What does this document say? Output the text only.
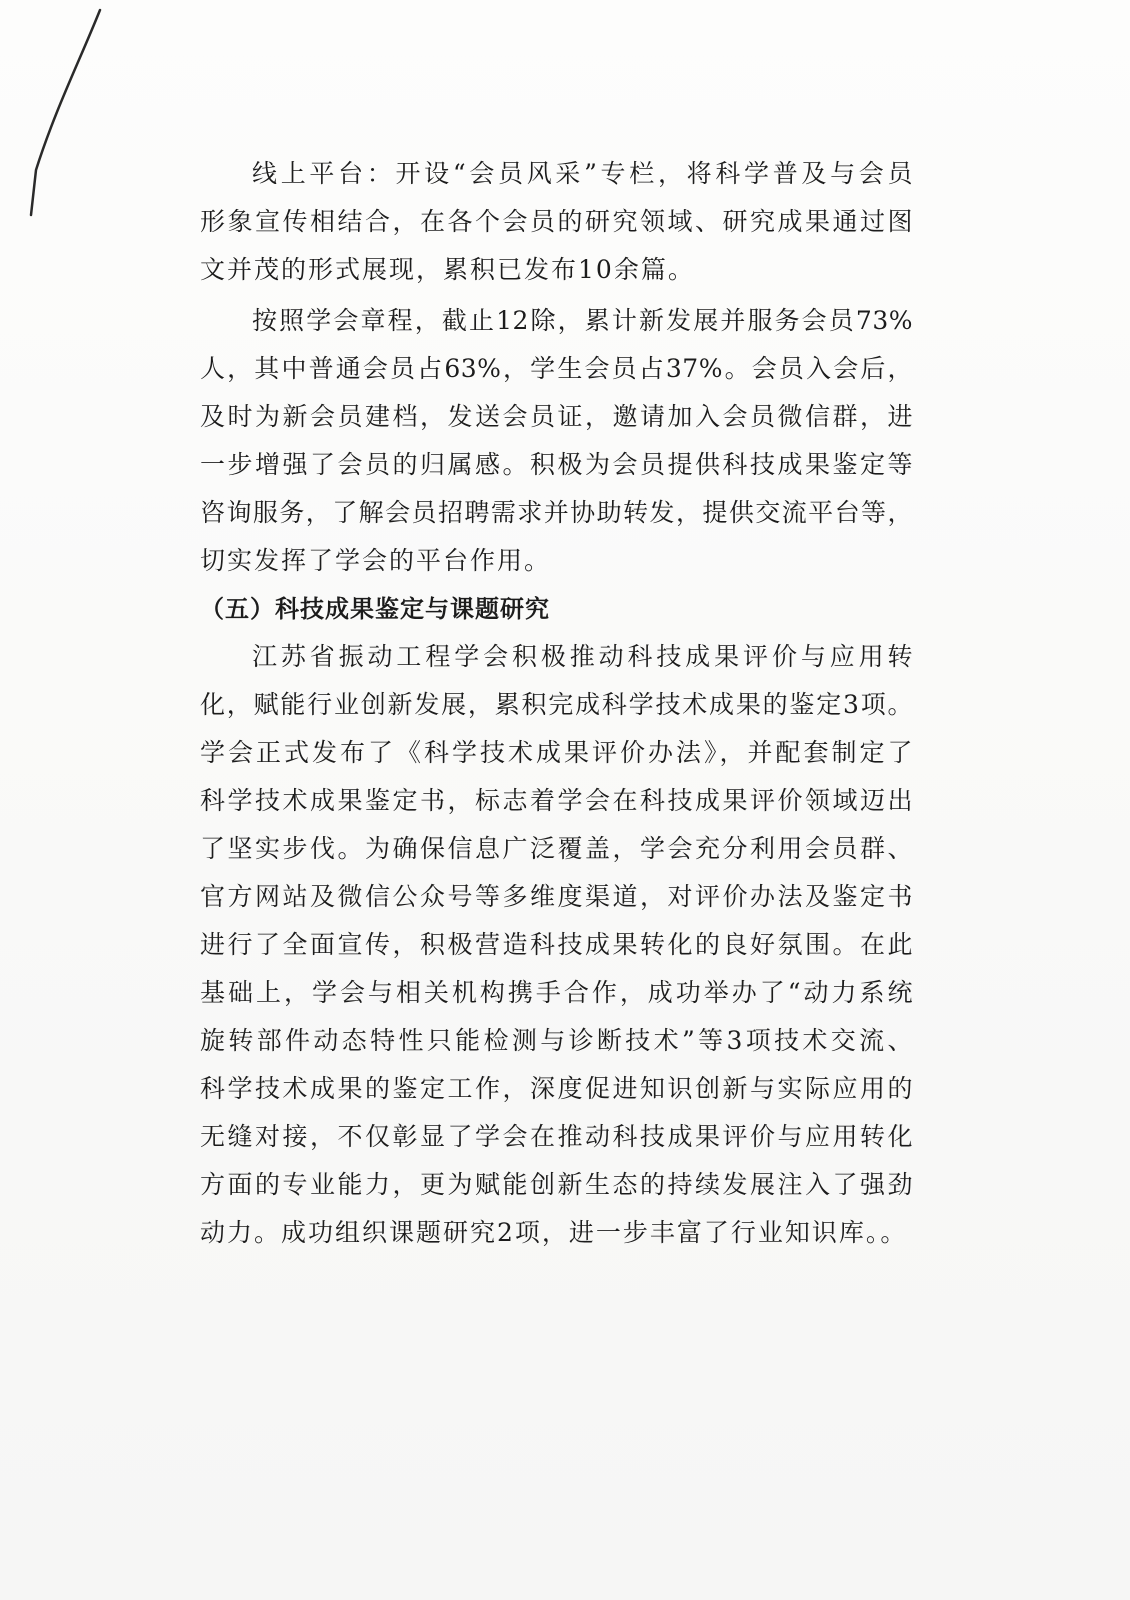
线上平台：开设“会员风采”专栏，将科学普及与会员
形象宣传相结合，在各个会员的研究领域、研究成果通过图
文并茂的形式展现，累积已发布10余篇。
按照学会章程，截止12除，累计新发展并服务会员73%
人，其中普通会员占63%，学生会员占37%。会员入会后，
及时为新会员建档，发送会员证，邀请加入会员微信群，进
一步增强了会员的归属感。积极为会员提供科技成果鉴定等
咨询服务，了解会员招聘需求并协助转发，提供交流平台等，
切实发挥了学会的平台作用。
（五）科技成果鉴定与课题研究
江苏省振动工程学会积极推动科技成果评价与应用转
化，赋能行业创新发展，累积完成科学技术成果的鉴定3项。
学会正式发布了《科学技术成果评价办法》，并配套制定了
科学技术成果鉴定书，标志着学会在科技成果评价领域迈出
了坚实步伐。为确保信息广泛覆盖，学会充分利用会员群、
官方网站及微信公众号等多维度渠道，对评价办法及鉴定书
进行了全面宣传，积极营造科技成果转化的良好氛围。在此
基础上，学会与相关机构携手合作，成功举办了“动力系统
旋转部件动态特性只能检测与诊断技术”等3项技术交流、
科学技术成果的鉴定工作，深度促进知识创新与实际应用的
无缝对接，不仅彰显了学会在推动科技成果评价与应用转化
方面的专业能力，更为赋能创新生态的持续发展注入了强劲
动力。成功组织课题研究2项，进一步丰富了行业知识库。。
